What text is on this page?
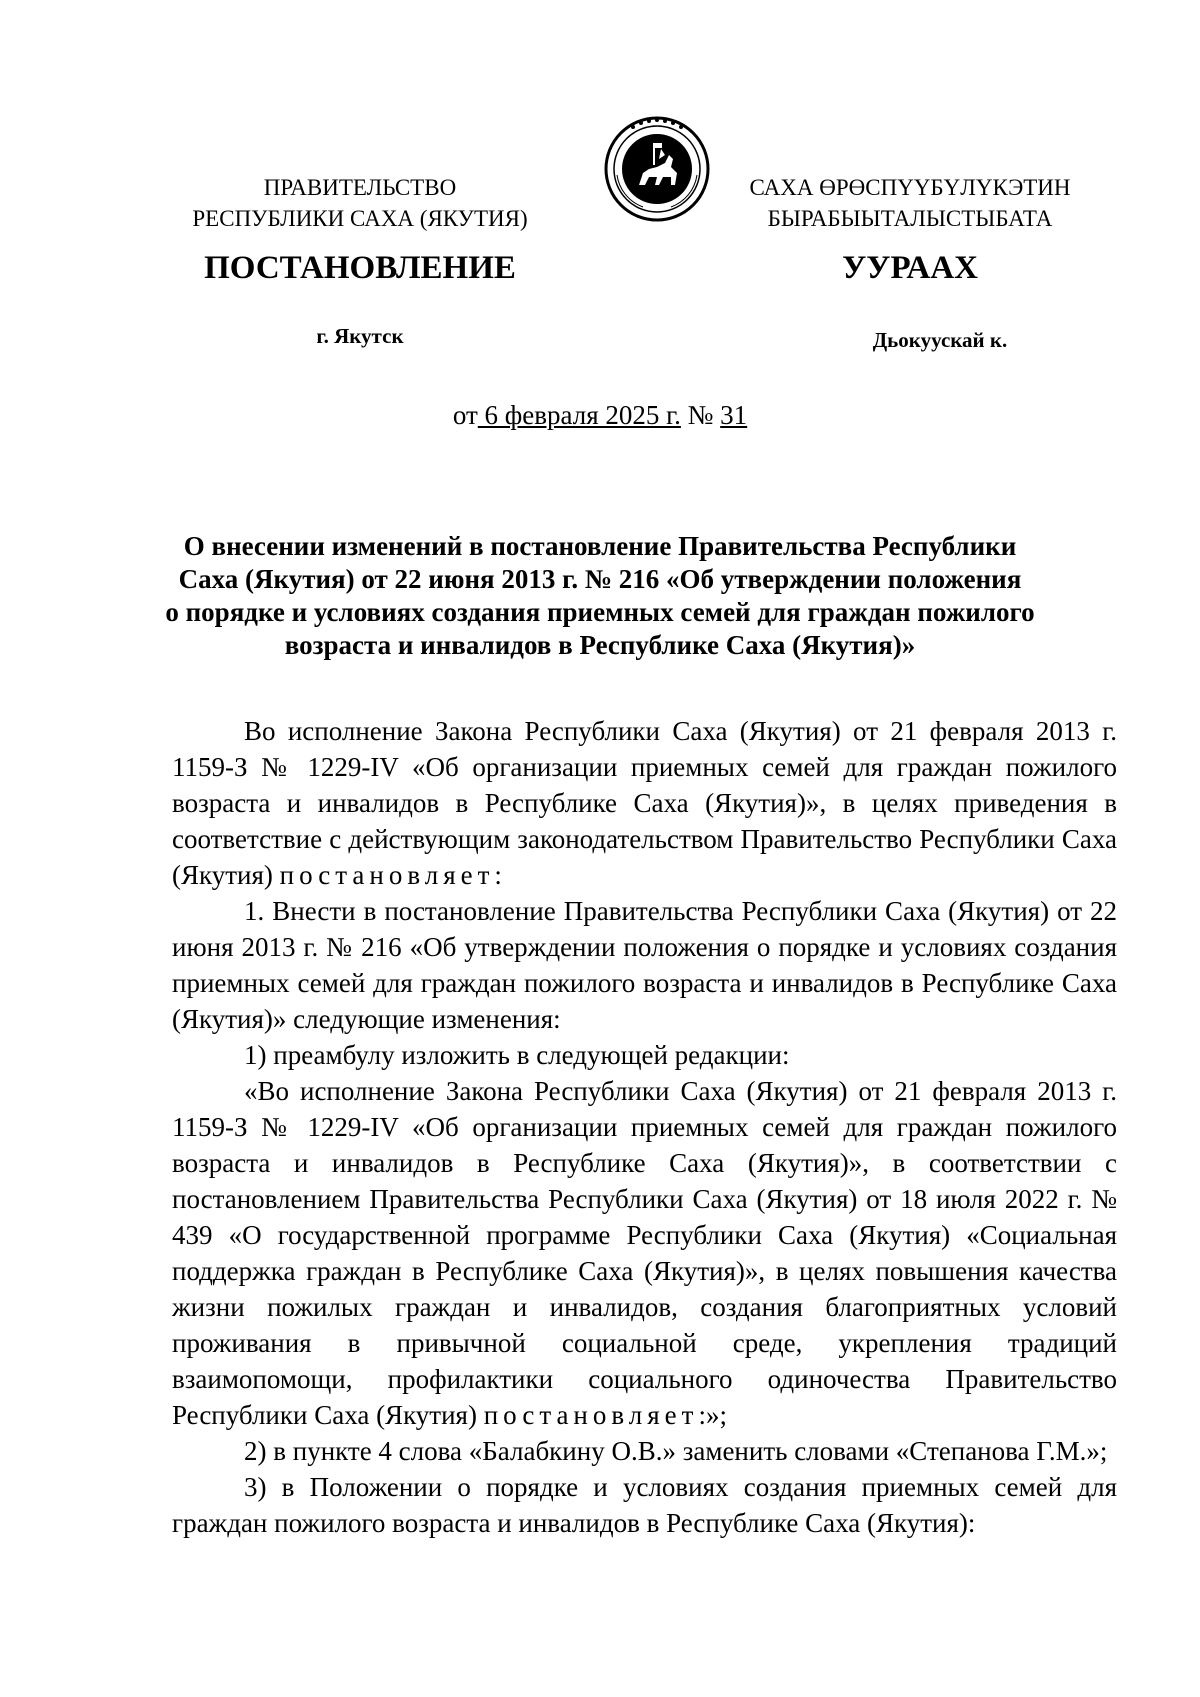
ПРАВИТЕЛЬСТВО
РЕСПУБЛИКИ САХА (ЯКУТИЯ)
САХА ӨРӨСПҮҮБҮЛҮКЭТИН
БЫРАБЫЫТАЛЫСТЫБАТА
ПОСТАНОВЛЕНИЕ	УУРААХ
г. Якутск	Дьокуускай к.
от 6 февраля 2025 г. № 31
О внесении изменений в постановление Правительства Республики
Саха (Якутия) от 22 июня 2013 г. № 216 «Об утверждении положения
о порядке и условиях создания приемных семей для граждан пожилого
возраста и инвалидов в Республике Саха (Якутия)»

Во исполнение Закона Республики Саха (Якутия) от 21 февраля 2013 г. 1159-З № 1229-IV «Об организации приемных семей для граждан пожилого возраста и инвалидов в Республике Саха (Якутия)», в целях приведения в соответствие с действующим законодательством Правительство Республики Саха (Якутия) постановляет:

1. Внести в постановление Правительства Республики Саха (Якутия) от 22 июня 2013 г. № 216 «Об утверждении положения о порядке и условиях создания приемных семей для граждан пожилого возраста и инвалидов в Республике Саха (Якутия)» следующие изменения:

1) преамбулу изложить в следующей редакции:

«Во исполнение Закона Республики Саха (Якутия) от 21 февраля 2013 г. 1159-З № 1229-IV «Об организации приемных семей для граждан пожилого возраста и инвалидов в Республике Саха (Якутия)», в соответствии с постановлением Правительства Республики Саха (Якутия) от 18 июля 2022 г. № 439 «О государственной программе Республики Саха (Якутия) «Социальная поддержка граждан в Республике Саха (Якутия)», в целях повышения качества жизни пожилых граждан и инвалидов, создания благоприятных условий проживания в привычной социальной среде, укрепления традиций взаимопомощи, профилактики социального одиночества Правительство Республики Саха (Якутия) постановляет:»;

2) в пункте 4 слова «Балабкину О.В.» заменить словами «Степанова Г.М.»;

3) в Положении о порядке и условиях создания приемных семей для граждан пожилого возраста и инвалидов в Республике Саха (Якутия):
